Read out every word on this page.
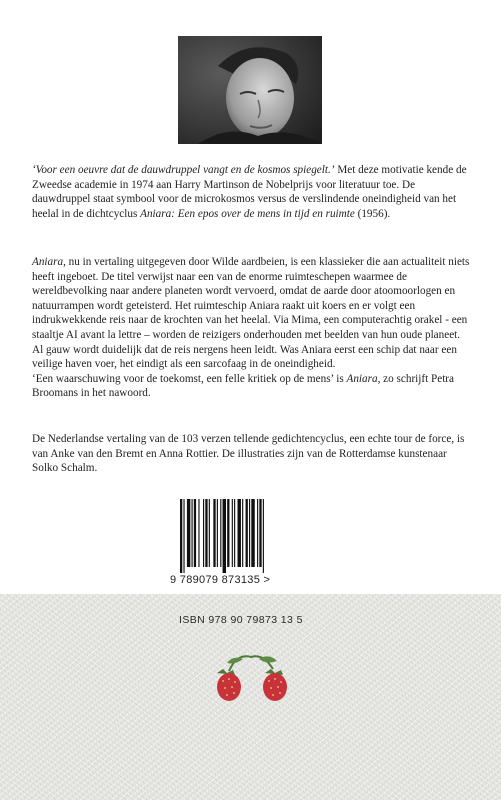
‘Voor een oeuvre dat de dauwdruppel vangt en de kosmos spiegelt.’ Met deze motivatie kende de Zweedse academie in 1974 aan Harry Martinson de Nobelprijs voor literatuur toe. De dauwdruppel staat symbool voor de microkosmos versus de verslindende oneindigheid van het heelal in de dichtcyclus Aniara: Een epos over de mens in tijd en ruimte (1956).

Aniara, nu in vertaling uitgegeven door Wilde aardbeien, is een klassieker die aan actualiteit niets heeft ingeboet. De titel verwijst naar een van de enorme ruimteschepen waarmee de wereldbevolking naar andere planeten wordt vervoerd, omdat de aarde door atoomoorlogen en natuurrampen wordt geteisterd. Het ruimteschip Aniara raakt uit koers en er volgt een indrukwekkende reis naar de krochten van het heelal. Via Mima, een computerachtig orakel - een staaltje AI avant la lettre – worden de reizigers onderhouden met beelden van hun oude planeet. Al gauw wordt duidelijk dat de reis nergens heen leidt. Was Aniara eerst een schip dat naar een veilige haven voer, het eindigt als een sarcofaag in de oneindigheid.
‘Een waarschuwing voor de toekomst, een felle kritiek op de mens’ is Aniara, zo schrijft Petra Broomans in het nawoord.

De Nederlandse vertaling van de 103 verzen tellende gedichtencyclus, een echte tour de force, is van Anke van den Bremt en Anna Rottier. De illustraties zijn van de Rotterdamse kunstenaar Solko Schalm.

9 789079 873135 >
ISBN 978 90 79873 13 5
